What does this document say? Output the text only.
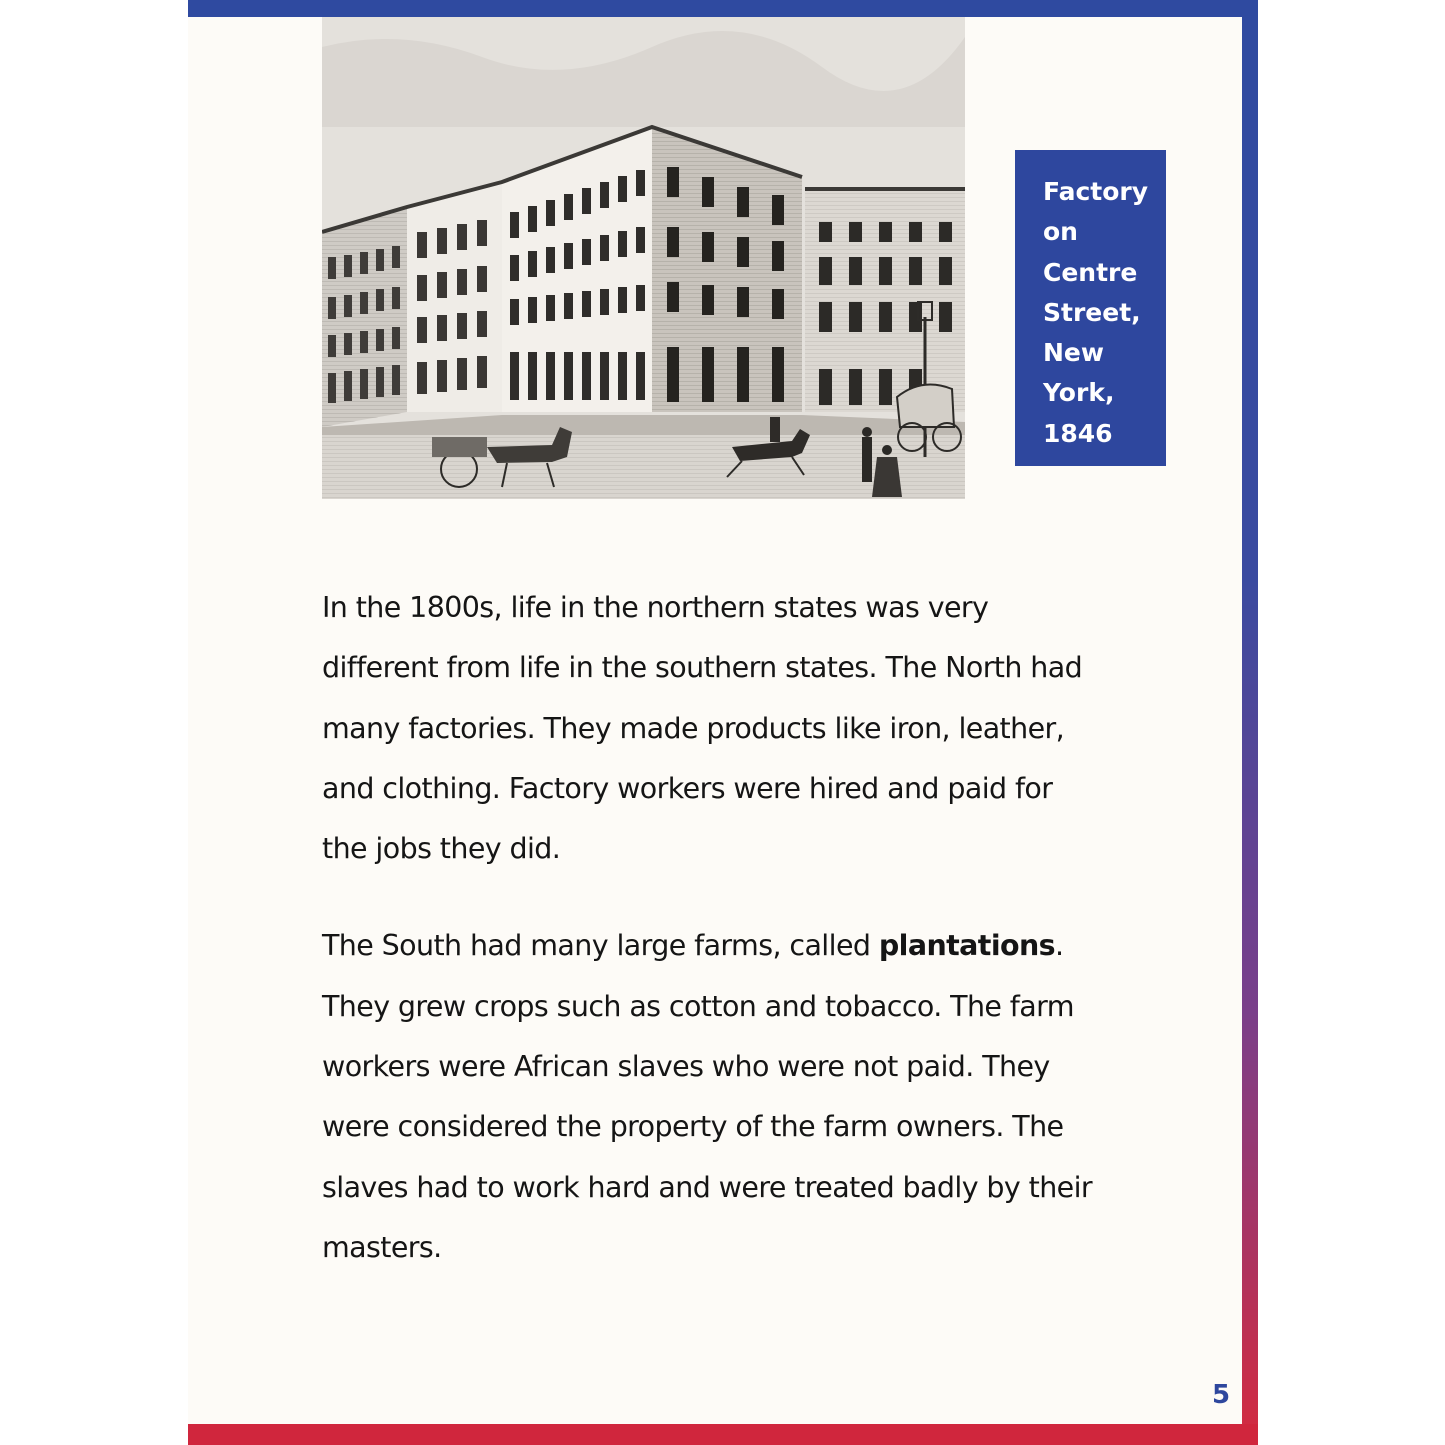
Factory
on
Centre
Street,
New
York,
1846
In the 1800s, life in the northern states was very
different from life in the southern states. The North had
many factories. They made products like iron, leather,
and clothing. Factory workers were hired and paid for
the jobs they did.
The South had many large farms, called plantations.
They grew crops such as cotton and tobacco. The farm
workers were African slaves who were not paid. They
were considered the property of the farm owners. The
slaves had to work hard and were treated badly by their
masters.
5
